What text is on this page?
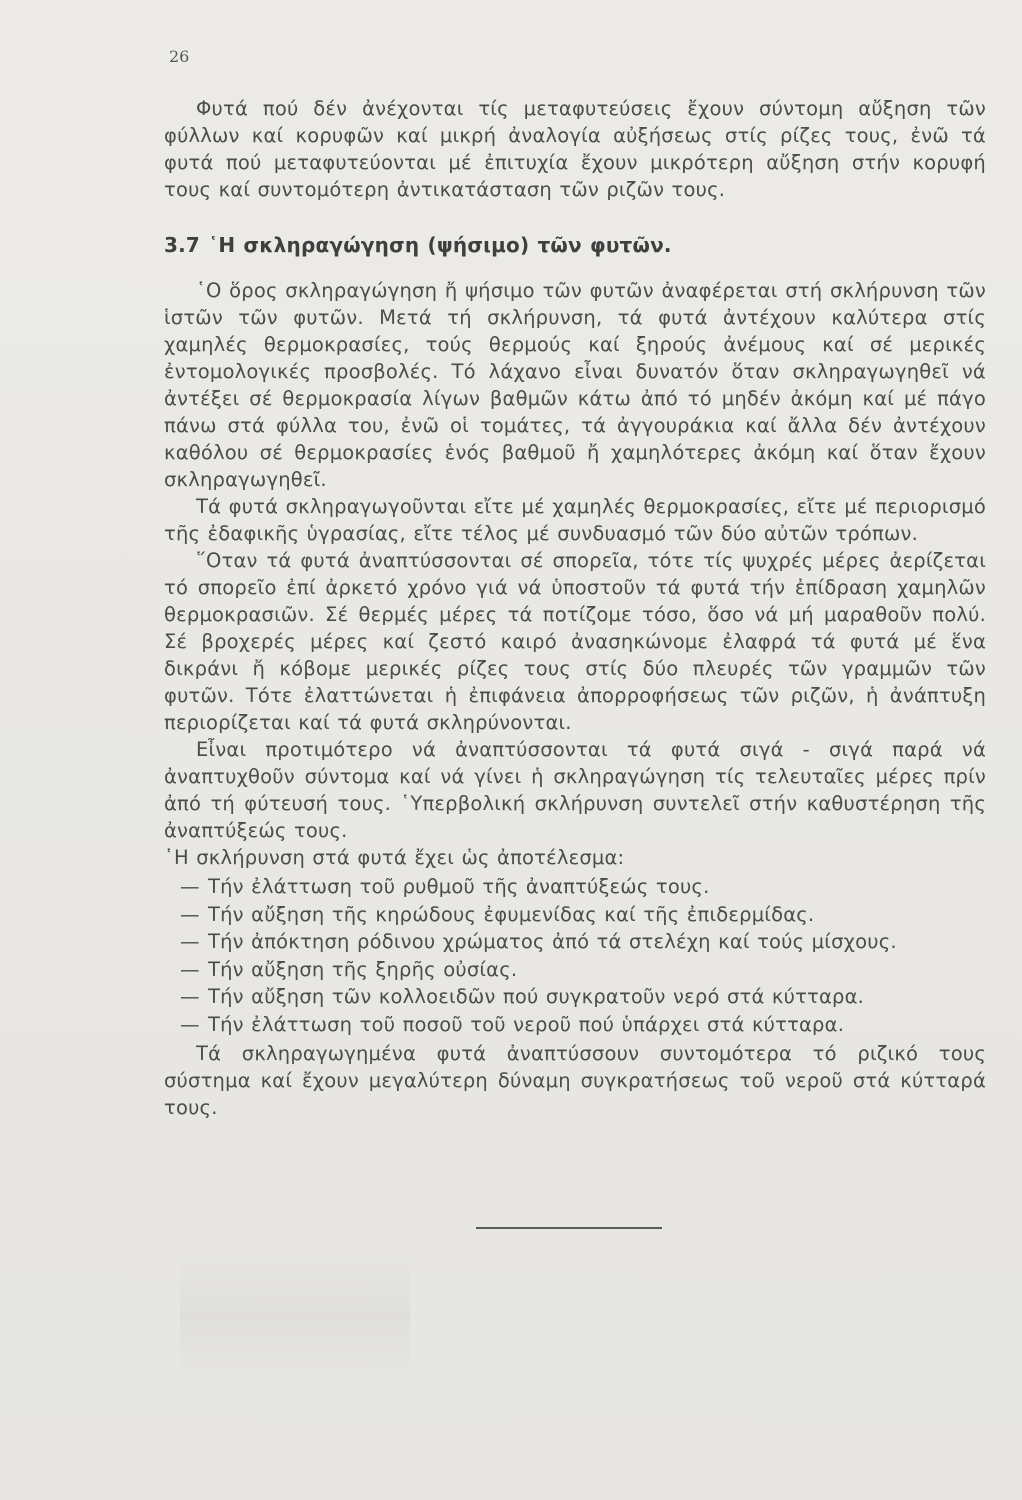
26

Φυτά πού δέν ἀνέχονται τίς μεταφυτεύσεις ἔχουν σύντομη αὔξηση τῶν φύλλων καί κορυφῶν καί μικρή ἀναλογία αὐξήσεως στίς ρίζες τους, ἐνῶ τά φυτά πού μεταφυτεύονται μέ ἐπιτυχία ἔχουν μικρότερη αὔξηση στήν κορυφή τους καί συντομότερη ἀντικατάσταση τῶν ριζῶν τους.

3.7 ῾Η σκληραγώγηση (ψήσιμο) τῶν φυτῶν.

῾Ο ὅρος σκληραγώγηση ἤ ψήσιμο τῶν φυτῶν ἀναφέρεται στή σκλήρυνση τῶν ἱστῶν τῶν φυτῶν. Μετά τή σκλήρυνση, τά φυτά ἀντέχουν καλύτερα στίς χαμηλές θερμοκρασίες, τούς θερμούς καί ξηρούς ἀνέμους καί σέ μερικές ἐντομολογικές προσβολές. Τό λάχανο εἶναι δυνατόν ὅταν σκληραγωγηθεῖ νά ἀντέξει σέ θερμοκρασία λίγων βαθμῶν κάτω ἀπό τό μηδέν ἀκόμη καί μέ πάγο πάνω στά φύλλα του, ἐνῶ οἱ τομάτες, τά ἀγγουράκια καί ἄλλα δέν ἀντέχουν καθόλου σέ θερμοκρασίες ἑνός βαθμοῦ ἤ χαμηλότερες ἀκόμη καί ὅταν ἔχουν σκληραγωγηθεῖ.

Τά φυτά σκληραγωγοῦνται εἴτε μέ χαμηλές θερμοκρασίες, εἴτε μέ περιορισμό τῆς ἐδαφικῆς ὑγρασίας, εἴτε τέλος μέ συνδυασμό τῶν δύο αὐτῶν τρόπων.

῞Οταν τά φυτά ἀναπτύσσονται σέ σπορεῖα, τότε τίς ψυχρές μέρες ἀερίζεται τό σπορεῖο ἐπί ἀρκετό χρόνο γιά νά ὑποστοῦν τά φυτά τήν ἐπίδραση χαμηλῶν θερμοκρασιῶν. Σέ θερμές μέρες τά ποτίζομε τόσο, ὅσο νά μή μαραθοῦν πολύ. Σέ βροχερές μέρες καί ζεστό καιρό ἀνασηκώνομε ἐλαφρά τά φυτά μέ ἕνα δικράνι ἤ κόβομε μερικές ρίζες τους στίς δύο πλευρές τῶν γραμμῶν τῶν φυτῶν. Τότε ἐλαττώνεται ἡ ἐπιφάνεια ἀπορροφήσεως τῶν ριζῶν, ἡ ἀνάπτυξη περιορίζεται καί τά φυτά σκληρύνονται.

Εἶναι προτιμότερο νά ἀναπτύσσονται τά φυτά σιγά - σιγά παρά νά ἀναπτυχθοῦν σύντομα καί νά γίνει ἡ σκληραγώγηση τίς τελευταῖες μέρες πρίν ἀπό τή φύτευσή τους. ῾Υπερβολική σκλήρυνση συντελεῖ στήν καθυστέρηση τῆς ἀναπτύξεώς τους.

῾Η σκλήρυνση στά φυτά ἔχει ὡς ἀποτέλεσμα:

— Τήν ἐλάττωση τοῦ ρυθμοῦ τῆς ἀναπτύξεώς τους.
— Τήν αὔξηση τῆς κηρώδους ἐφυμενίδας καί τῆς ἐπιδερμίδας.
— Τήν ἀπόκτηση ρόδινου χρώματος ἀπό τά στελέχη καί τούς μίσχους.
— Τήν αὔξηση τῆς ξηρῆς οὐσίας.
— Τήν αὔξηση τῶν κολλοειδῶν πού συγκρατοῦν νερό στά κύτταρα.
— Τήν ἐλάττωση τοῦ ποσοῦ τοῦ νεροῦ πού ὑπάρχει στά κύτταρα.

Τά σκληραγωγημένα φυτά ἀναπτύσσουν συντομότερα τό ριζικό τους σύστημα καί ἔχουν μεγαλύτερη δύναμη συγκρατήσεως τοῦ νεροῦ στά κύτταρά τους.
